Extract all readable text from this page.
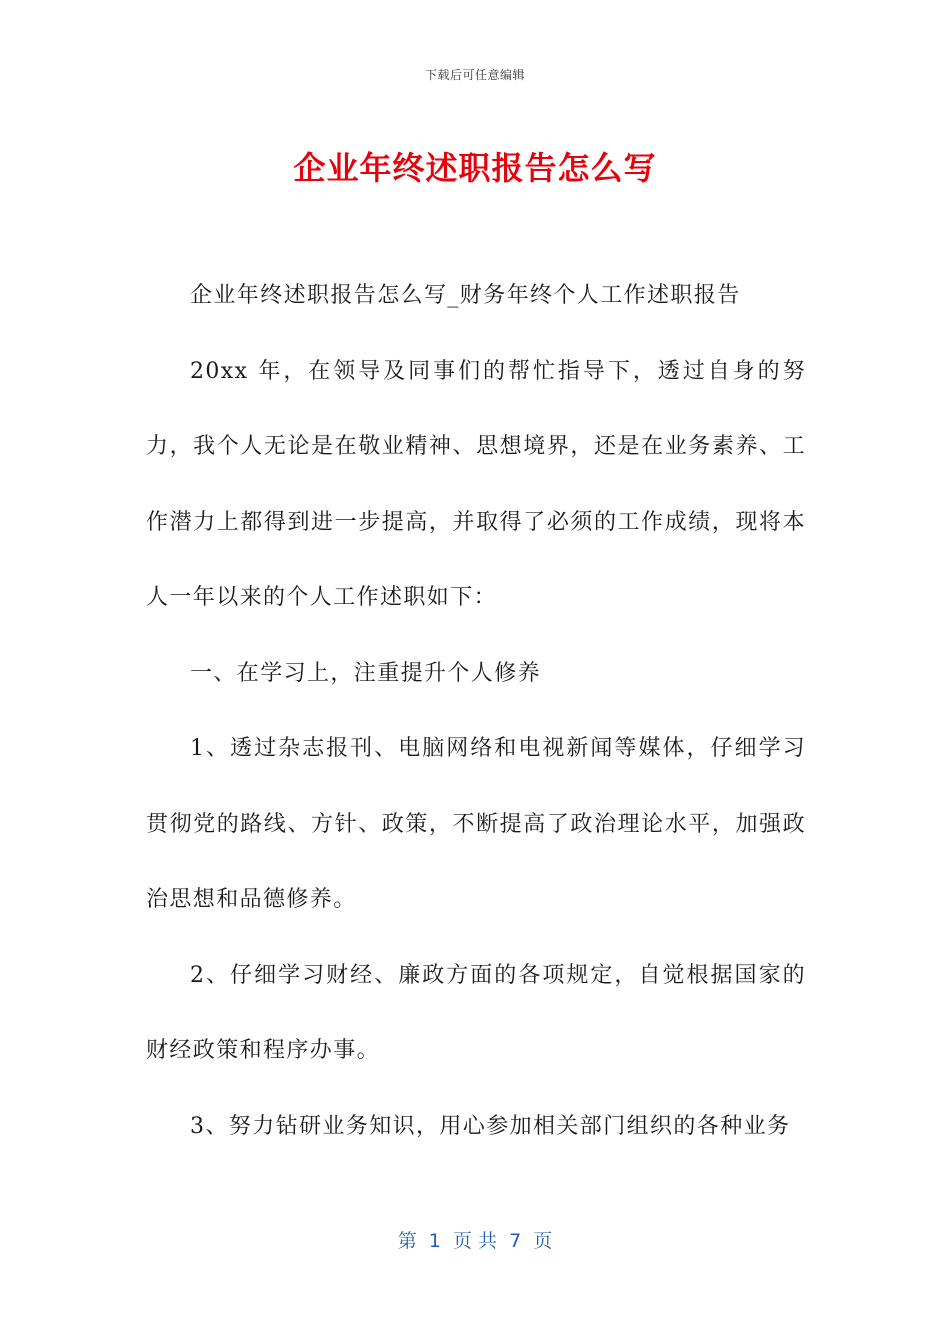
下载后可任意编辑
企业年终述职报告怎么写

企业年终述职报告怎么写_财务年终个人工作述职报告

20xx 年，在领导及同事们的帮忙指导下，透过自身的努力，我个人无论是在敬业精神、思想境界，还是在业务素养、工作潜力上都得到进一步提高，并取得了必须的工作成绩，现将本人一年以来的个人工作述职如下：

一、在学习上，注重提升个人修养

1、透过杂志报刊、电脑网络和电视新闻等媒体，仔细学习贯彻党的路线、方针、政策，不断提高了政治理论水平，加强政治思想和品德修养。

2、仔细学习财经、廉政方面的各项规定，自觉根据国家的财经政策和程序办事。

3、努力钻研业务知识，用心参加相关部门组织的各种业务

第  1  页 共  7  页
